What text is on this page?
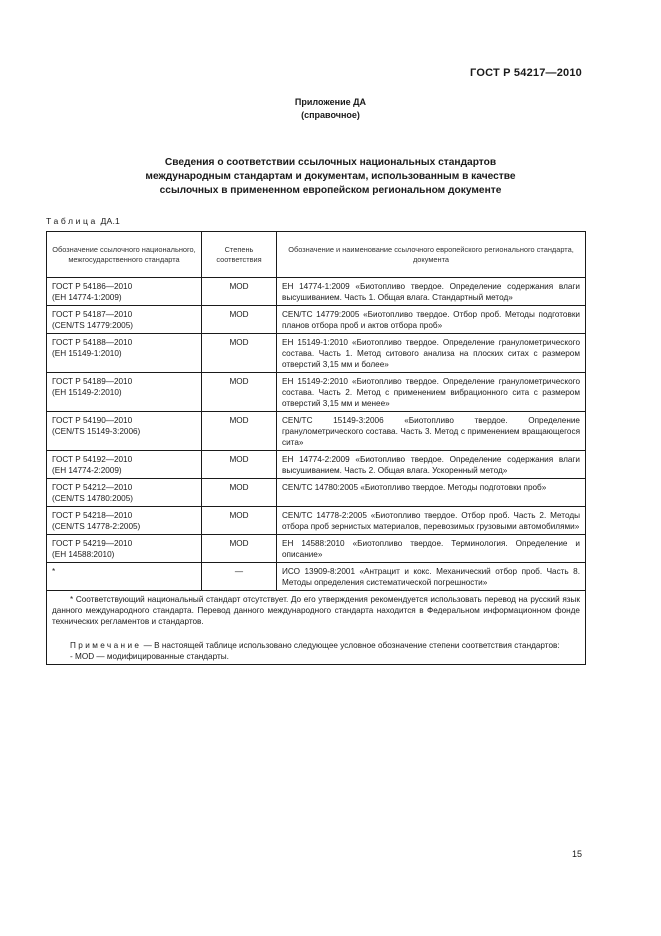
ГОСТ Р 54217—2010
Приложение ДА
(справочное)
Сведения о соответствии ссылочных национальных стандартов
международным стандартам и документам, использованным в качестве
ссылочных в примененном европейском региональном документе
Таблица ДА.1
Обозначение ссылочного национального, межгосударственного стандарта	Степень соответствия	Обозначение и наименование ссылочного европейского регионального стандарта, документа
ГОСТ Р 54186—2010
(ЕН 14774-1:2009)	MOD	ЕН 14774-1:2009 «Биотопливо твердое. Определение содержания влаги высушиванием. Часть 1. Общая влага. Стандартный метод»
ГОСТ Р 54187—2010
(CEN/TS 14779:2005)	MOD	CEN/TC 14779:2005 «Биотопливо твердое. Отбор проб. Методы подготовки планов отбора проб и актов отбора проб»
ГОСТ Р 54188—2010
(ЕН 15149-1:2010)	MOD	ЕН 15149-1:2010 «Биотопливо твердое. Определение гранулометрического состава. Часть 1. Метод ситового анализа на плоских ситах с размером отверстий 3,15 мм и более»
ГОСТ Р 54189—2010
(ЕН 15149-2:2010)	MOD	ЕН 15149-2:2010 «Биотопливо твердое. Определение гранулометрического состава. Часть 2. Метод с применением вибрационного сита с размером отверстий 3,15 мм и менее»
ГОСТ Р 54190—2010
(CEN/TS 15149-3:2006)	MOD	CEN/TC 15149-3:2006 «Биотопливо твердое. Определение гранулометрического состава. Часть 3. Метод с применением вращающегося сита»
ГОСТ Р 54192—2010
(ЕН 14774-2:2009)	MOD	ЕН 14774-2:2009 «Биотопливо твердое. Определение содержания влаги высушиванием. Часть 2. Общая влага. Ускоренный метод»
ГОСТ Р 54212—2010
(CEN/TS 14780:2005)	MOD	CEN/TC 14780:2005 «Биотопливо твердое. Методы подготовки проб»
ГОСТ Р 54218—2010
(CEN/TS 14778-2:2005)	MOD	CEN/TC 14778-2:2005 «Биотопливо твердое. Отбор проб. Часть 2. Методы отбора проб зернистых материалов, перевозимых грузовыми автомобилями»
ГОСТ Р 54219—2010
(ЕН 14588:2010)	MOD	ЕН 14588:2010 «Биотопливо твердое. Терминология. Определение и описание»
*	—	ИСО 13909-8:2001 «Антрацит и кокс. Механический отбор проб. Часть 8. Методы определения систематической погрешности»

* Соответствующий национальный стандарт отсутствует. До его утверждения рекомендуется использовать перевод на русский язык данного международного стандарта. Перевод данного международного стандарта находится в Федеральном информационном фонде технических регламентов и стандартов.

Примечание — В настоящей таблице использовано следующее условное обозначение степени соответствия стандартов:

- MOD — модифицированные стандарты.		

15
